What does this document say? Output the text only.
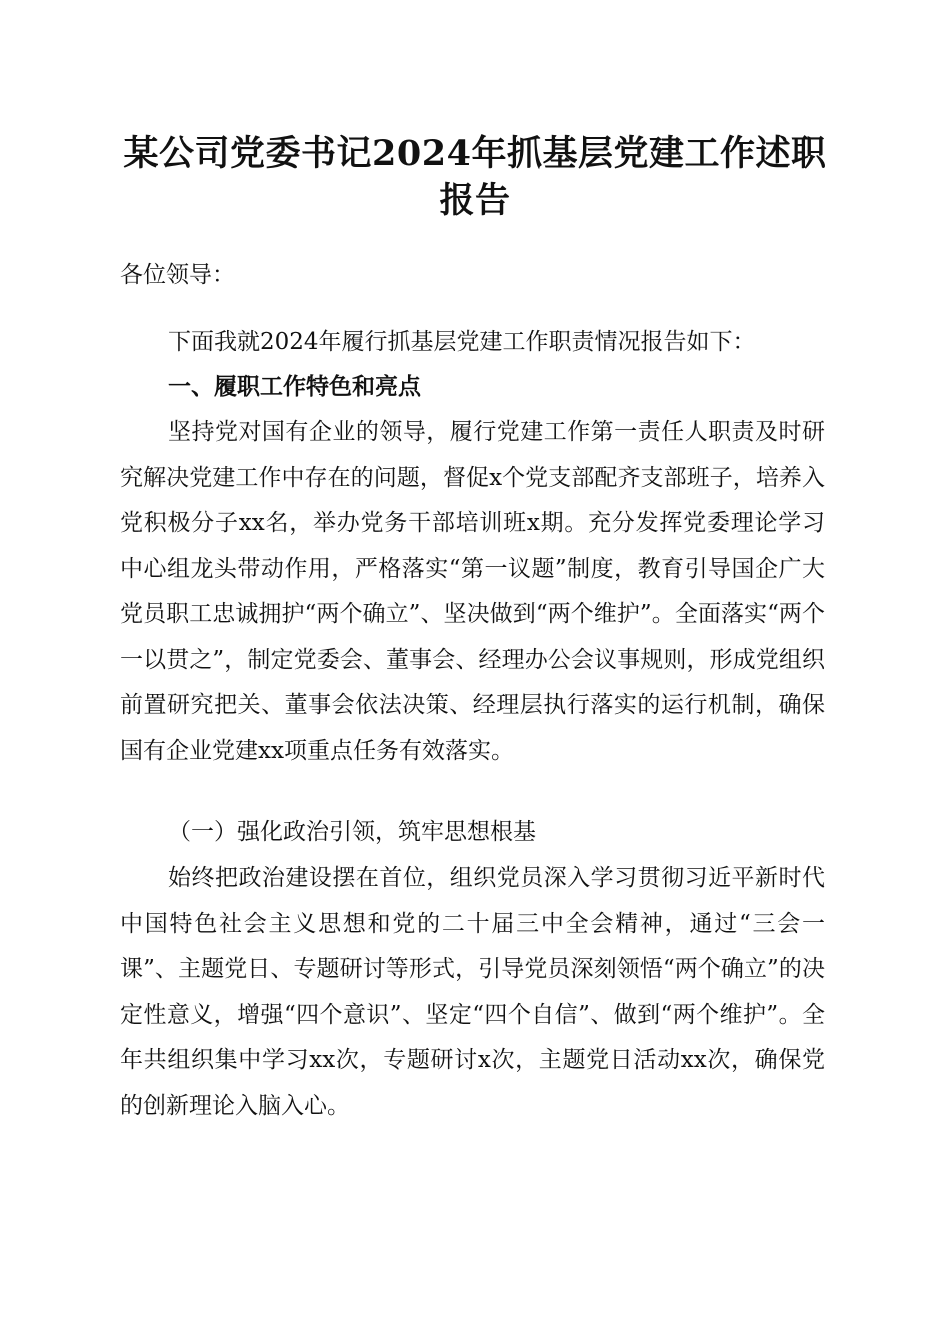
某公司党委书记2024年抓基层党建工作述职报告

各位领导：

下面我就2024年履行抓基层党建工作职责情况报告如下：

一、履职工作特色和亮点

坚持党对国有企业的领导，履行党建工作第一责任人职责及时研究解决党建工作中存在的问题，督促x个党支部配齐支部班子，培养入党积极分子xx名，举办党务干部培训班x期。充分发挥党委理论学习中心组龙头带动作用，严格落实“第一议题”制度，教育引导国企广大党员职工忠诚拥护“两个确立”、坚决做到“两个维护”。全面落实“两个一以贯之”，制定党委会、董事会、经理办公会议事规则，形成党组织前置研究把关、董事会依法决策、经理层执行落实的运行机制，确保国有企业党建xx项重点任务有效落实。

（一）强化政治引领，筑牢思想根基

始终把政治建设摆在首位，组织党员深入学习贯彻习近平新时代中国特色社会主义思想和党的二十届三中全会精神，通过“三会一课”、主题党日、专题研讨等形式，引导党员深刻领悟“两个确立”的决定性意义，增强“四个意识”、坚定“四个自信”、做到“两个维护”。全年共组织集中学习xx次，专题研讨x次，主题党日活动xx次，确保党的创新理论入脑入心。
